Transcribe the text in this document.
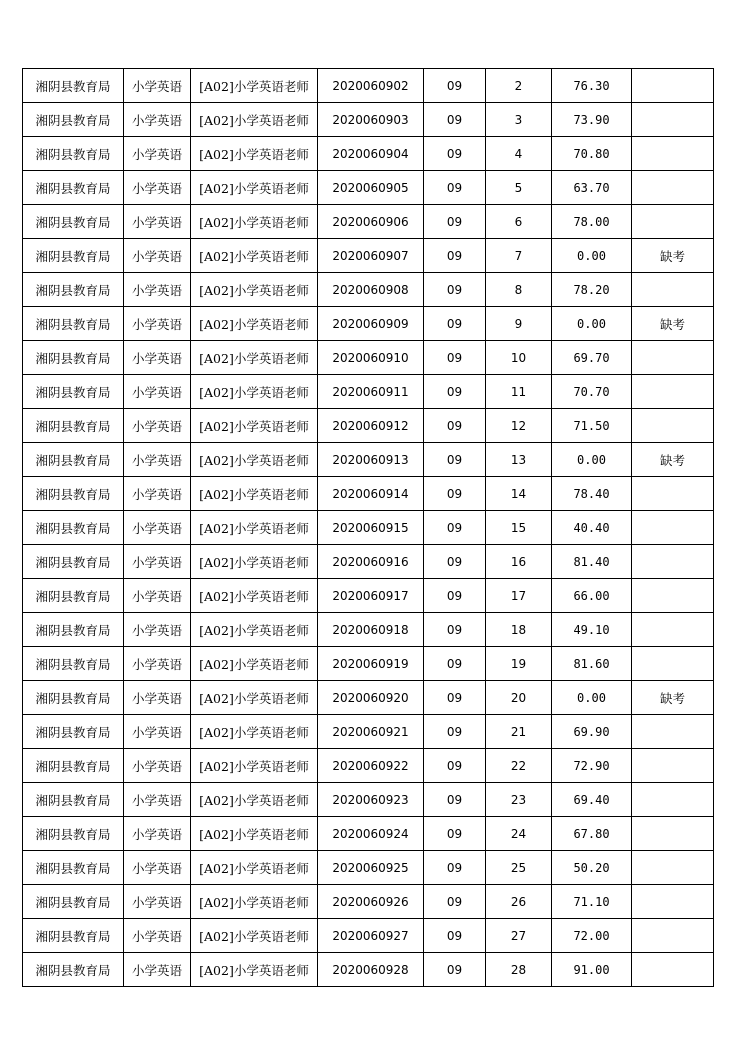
湘阴县教育局	小学英语	[A02]小学英语老师	2020060902	09	2	76.30	
湘阴县教育局	小学英语	[A02]小学英语老师	2020060903	09	3	73.90	
湘阴县教育局	小学英语	[A02]小学英语老师	2020060904	09	4	70.80	
湘阴县教育局	小学英语	[A02]小学英语老师	2020060905	09	5	63.70	
湘阴县教育局	小学英语	[A02]小学英语老师	2020060906	09	6	78.00	
湘阴县教育局	小学英语	[A02]小学英语老师	2020060907	09	7	0.00	缺考
湘阴县教育局	小学英语	[A02]小学英语老师	2020060908	09	8	78.20	
湘阴县教育局	小学英语	[A02]小学英语老师	2020060909	09	9	0.00	缺考
湘阴县教育局	小学英语	[A02]小学英语老师	2020060910	09	10	69.70	
湘阴县教育局	小学英语	[A02]小学英语老师	2020060911	09	11	70.70	
湘阴县教育局	小学英语	[A02]小学英语老师	2020060912	09	12	71.50	
湘阴县教育局	小学英语	[A02]小学英语老师	2020060913	09	13	0.00	缺考
湘阴县教育局	小学英语	[A02]小学英语老师	2020060914	09	14	78.40	
湘阴县教育局	小学英语	[A02]小学英语老师	2020060915	09	15	40.40	
湘阴县教育局	小学英语	[A02]小学英语老师	2020060916	09	16	81.40	
湘阴县教育局	小学英语	[A02]小学英语老师	2020060917	09	17	66.00	
湘阴县教育局	小学英语	[A02]小学英语老师	2020060918	09	18	49.10	
湘阴县教育局	小学英语	[A02]小学英语老师	2020060919	09	19	81.60	
湘阴县教育局	小学英语	[A02]小学英语老师	2020060920	09	20	0.00	缺考
湘阴县教育局	小学英语	[A02]小学英语老师	2020060921	09	21	69.90	
湘阴县教育局	小学英语	[A02]小学英语老师	2020060922	09	22	72.90	
湘阴县教育局	小学英语	[A02]小学英语老师	2020060923	09	23	69.40	
湘阴县教育局	小学英语	[A02]小学英语老师	2020060924	09	24	67.80	
湘阴县教育局	小学英语	[A02]小学英语老师	2020060925	09	25	50.20	
湘阴县教育局	小学英语	[A02]小学英语老师	2020060926	09	26	71.10	
湘阴县教育局	小学英语	[A02]小学英语老师	2020060927	09	27	72.00	
湘阴县教育局	小学英语	[A02]小学英语老师	2020060928	09	28	91.00	
